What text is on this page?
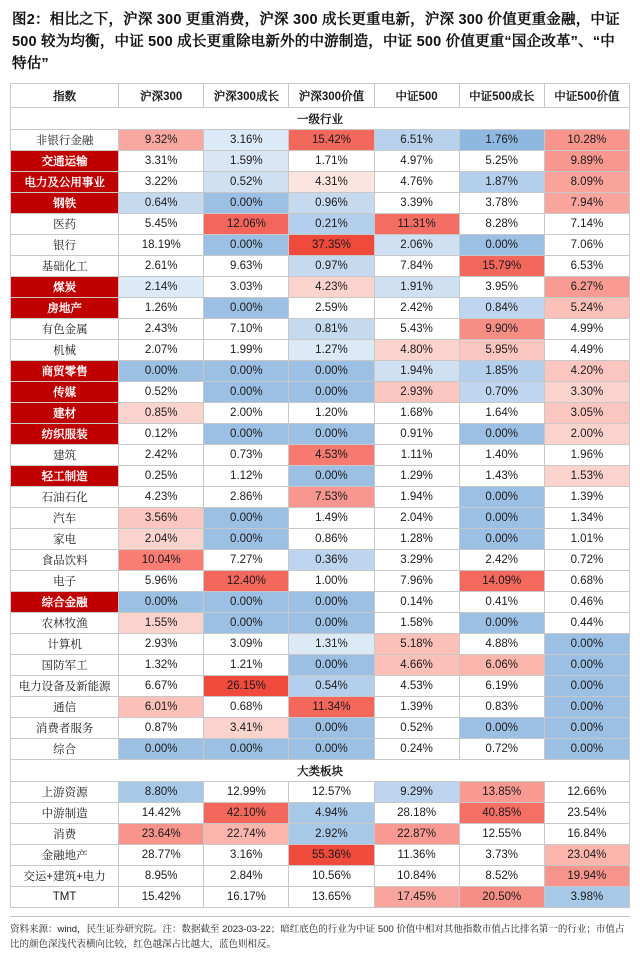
图2：相比之下，沪深 300 更重消费，沪深 300 成长更重电新，沪深 300 价值更重金融，中证 500 较为均衡，中证 500 成长更重除电新外的中游制造，中证 500 价值更重“国企改革”、“中特估”
指数	沪深300	沪深300成长	沪深300价值	中证500	中证500成长	中证500价值
一级行业						
非银行金融	9.32%	3.16%	15.42%	6.51%	1.76%	10.28%
交通运输	3.31%	1.59%	1.71%	4.97%	5.25%	9.89%
电力及公用事业	3.22%	0.52%	4.31%	4.76%	1.87%	8.09%
钢铁	0.64%	0.00%	0.96%	3.39%	3.78%	7.94%
医药	5.45%	12.06%	0.21%	11.31%	8.28%	7.14%
银行	18.19%	0.00%	37.35%	2.06%	0.00%	7.06%
基础化工	2.61%	9.63%	0.97%	7.84%	15.79%	6.53%
煤炭	2.14%	3.03%	4.23%	1.91%	3.95%	6.27%
房地产	1.26%	0.00%	2.59%	2.42%	0.84%	5.24%
有色金属	2.43%	7.10%	0.81%	5.43%	9.90%	4.99%
机械	2.07%	1.99%	1.27%	4.80%	5.95%	4.49%
商贸零售	0.00%	0.00%	0.00%	1.94%	1.85%	4.20%
传媒	0.52%	0.00%	0.00%	2.93%	0.70%	3.30%
建材	0.85%	2.00%	1.20%	1.68%	1.64%	3.05%
纺织服装	0.12%	0.00%	0.00%	0.91%	0.00%	2.00%
建筑	2.42%	0.73%	4.53%	1.11%	1.40%	1.96%
轻工制造	0.25%	1.12%	0.00%	1.29%	1.43%	1.53%
石油石化	4.23%	2.86%	7.53%	1.94%	0.00%	1.39%
汽车	3.56%	0.00%	1.49%	2.04%	0.00%	1.34%
家电	2.04%	0.00%	0.86%	1.28%	0.00%	1.01%
食品饮料	10.04%	7.27%	0.36%	3.29%	2.42%	0.72%
电子	5.96%	12.40%	1.00%	7.96%	14.09%	0.68%
综合金融	0.00%	0.00%	0.00%	0.14%	0.41%	0.46%
农林牧渔	1.55%	0.00%	0.00%	1.58%	0.00%	0.44%
计算机	2.93%	3.09%	1.31%	5.18%	4.88%	0.00%
国防军工	1.32%	1.21%	0.00%	4.66%	6.06%	0.00%
电力设备及新能源	6.67%	26.15%	0.54%	4.53%	6.19%	0.00%
通信	6.01%	0.68%	11.34%	1.39%	0.83%	0.00%
消费者服务	0.87%	3.41%	0.00%	0.52%	0.00%	0.00%
综合	0.00%	0.00%	0.00%	0.24%	0.72%	0.00%
大类板块						
上游资源	8.80%	12.99%	12.57%	9.29%	13.85%	12.66%
中游制造	14.42%	42.10%	4.94%	28.18%	40.85%	23.54%
消费	23.64%	22.74%	2.92%	22.87%	12.55%	16.84%
金融地产	28.77%	3.16%	55.36%	11.36%	3.73%	23.04%
交运+建筑+电力	8.95%	2.84%	10.56%	10.84%	8.52%	19.94%
TMT	15.42%	16.17%	13.65%	17.45%	20.50%	3.98%
资料来源：wind，民生证券研究院。注：数据截至 2023-03-22；暗红底色的行业为中证 500 价值中相对其他指数市值占比排名第一的行业；市值占比的颜色深浅代表横向比较，红色越深占比越大，蓝色则相反。
